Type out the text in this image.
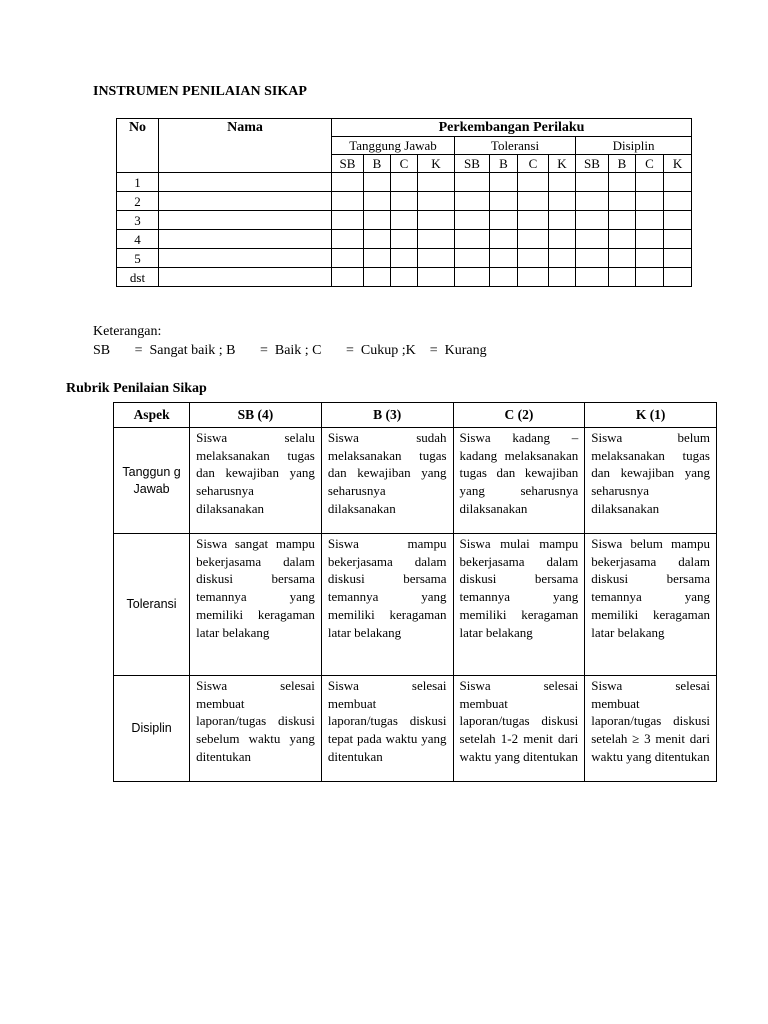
INSTRUMEN PENILAIAN SIKAP
No	Nama	Perkembangan Perilaku											
		Tanggung Jawab				Toleransi				Disiplin			
		SB	B	C	K	SB	B	C	K	SB	B	C	K
1													
2													
3													
4													
5													
dst													
Keterangan:
SB       =  Sangat baik ; B       =  Baik ; C       =  Cukup ;K    =  Kurang
Rubrik Penilaian Sikap
Aspek	SB (4)	B (3)	C (2)	K (1)
Tanggun g Jawab	Siswa selalu melaksanakan tugas dan kewajiban yang seharusnya dilaksanakan	Siswa sudah melaksanakan tugas dan kewajiban yang seharusnya dilaksanakan	Siswa kadang – kadang melaksanakan tugas dan kewajiban yang seharusnya dilaksanakan	Siswa belum melaksanakan tugas dan kewajiban yang seharusnya dilaksanakan
Toleransi	Siswa sangat mampu bekerjasama dalam diskusi bersama temannya yang memiliki keragaman latar belakang	Siswa mampu bekerjasama dalam diskusi bersama temannya yang memiliki keragaman latar belakang	Siswa mulai mampu bekerjasama dalam diskusi bersama temannya yang memiliki keragaman latar belakang	Siswa belum mampu bekerjasama dalam diskusi bersama temannya yang memiliki keragaman latar belakang
Disiplin	Siswa selesai membuat laporan/tugas diskusi sebelum waktu yang ditentukan	Siswa selesai membuat laporan/tugas diskusi tepat pada waktu yang ditentukan	Siswa selesai membuat laporan/tugas diskusi setelah 1-2 menit dari waktu yang ditentukan	Siswa selesai membuat laporan/tugas diskusi setelah ≥ 3 menit dari waktu yang ditentukan
